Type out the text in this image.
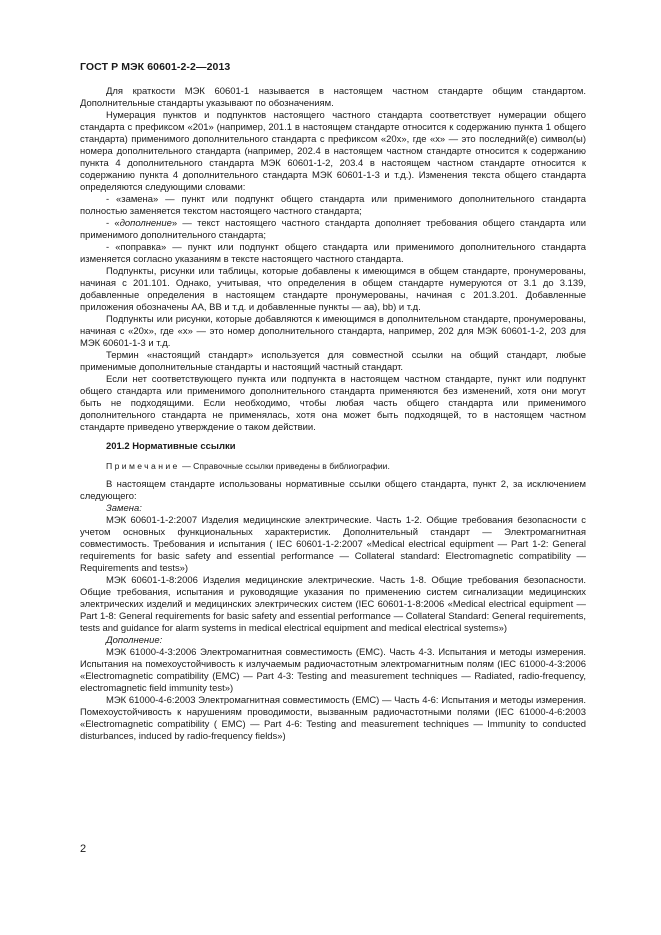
ГОСТ Р МЭК 60601-2-2—2013

Для краткости МЭК 60601-1 называется в настоящем частном стандарте общим стандартом. Дополнительные стандарты указывают по обозначениям.

Нумерация пунктов и подпунктов настоящего частного стандарта соответствует нумерации общего стандарта с префиксом «201» (например, 201.1 в настоящем стандарте относится к содержанию пункта 1 общего стандарта) применимого дополнительного стандарта с префиксом «20х», где «х» — это последний(е) символ(ы) номера дополнительного стандарта (например, 202.4 в настоящем частном стандарте относится к содержанию пункта 4 дополнительного стандарта МЭК 60601-1-2, 203.4 в настоящем частном стандарте относится к содержанию пункта 4 дополнительного стандарта МЭК 60601-1-3 и т.д.). Изменения текста общего стандарта определяются следующими словами:

- «замена» — пункт или подпункт общего стандарта или применимого дополнительного стандарта полностью заменяется текстом настоящего частного стандарта;

- «дополнение» — текст настоящего частного стандарта дополняет требования общего стандарта или применимого дополнительного стандарта;

- «поправка» — пункт или подпункт общего стандарта или применимого дополнительного стандарта изменяется согласно указаниям в тексте настоящего частного стандарта.

Подпункты, рисунки или таблицы, которые добавлены к имеющимся в общем стандарте, пронумерованы, начиная с 201.101. Однако, учитывая, что определения в общем стандарте нумеруются от 3.1 до 3.139, добавленные определения в настоящем стандарте пронумерованы, начиная с 201.3.201. Добавленные приложения обозначены АА, ВВ и т.д. и добавленные пункты — аа), bb) и т.д.

Подпункты или рисунки, которые добавляются к имеющимся в дополнительном стандарте, пронумерованы, начиная с «20х», где «х» — это номер дополнительного стандарта, например, 202 для МЭК 60601-1-2, 203 для МЭК 60601-1-3 и т.д.

Термин «настоящий стандарт» используется для совместной ссылки на общий стандарт, любые применимые дополнительные стандарты и настоящий частный стандарт.

Если нет соответствующего пункта или подпункта в настоящем частном стандарте, пункт или подпункт общего стандарта или применимого дополнительного стандарта применяются без изменений, хотя они могут быть не подходящими. Если необходимо, чтобы любая часть общего стандарта или применимого дополнительного стандарта не применялась, хотя она может быть подходящей, то в настоящем частном стандарте приведено утверждение о таком действии.

201.2 Нормативные ссылки

Примечание — Справочные ссылки приведены в библиографии.

В настоящем стандарте использованы нормативные ссылки общего стандарта, пункт 2, за исключением следующего:

Замена:

МЭК 60601-1-2:2007 Изделия медицинские электрические. Часть 1-2. Общие требования безопасности с учетом основных функциональных характеристик. Дополнительный стандарт — Электромагнитная совместимость. Требования и испытания ( IEC 60601-1-2:2007 «Medical electrical equipment — Part 1-2: General requirements for basic safety and essential performance — Collateral standard: Electromagnetic compatibility — Requirements and tests»)

МЭК 60601-1-8:2006 Изделия медицинские электрические. Часть 1-8. Общие требования безопасности. Общие требования, испытания и руководящие указания по применению систем сигнализации медицинских электрических изделий и медицинских электрических систем (IEC 60601-1-8:2006 «Medical electrical equipment — Part 1-8: General requirements for basic safety and essential performance — Collateral Standard: General requirements, tests and guidance for alarm systems in medical electrical equipment and medical electrical systems»)

Дополнение:

МЭК 61000-4-3:2006 Электромагнитная совместимость (ЕМС). Часть 4-3. Испытания и методы измерения. Испытания на помехоустойчивость к излучаемым радиочастотным электромагнитным полям (IEC 61000-4-3:2006 «Electromagnetic compatibility (EMC) — Part 4-3: Testing and measurement techniques — Radiated, radio-frequency, electromagnetic field immunity test»)

МЭК 61000-4-6:2003 Электромагнитная совместимость (ЕМС) — Часть 4-6: Испытания и методы измерения. Помехоустойчивость к нарушениям проводимости, вызванным радиочастотными полями (IEC 61000-4-6:2003 «Electromagnetic compatibility ( EMC) — Part 4-6: Testing and measurement techniques — Immunity to conducted disturbances, induced by radio-frequency fields»)

2
